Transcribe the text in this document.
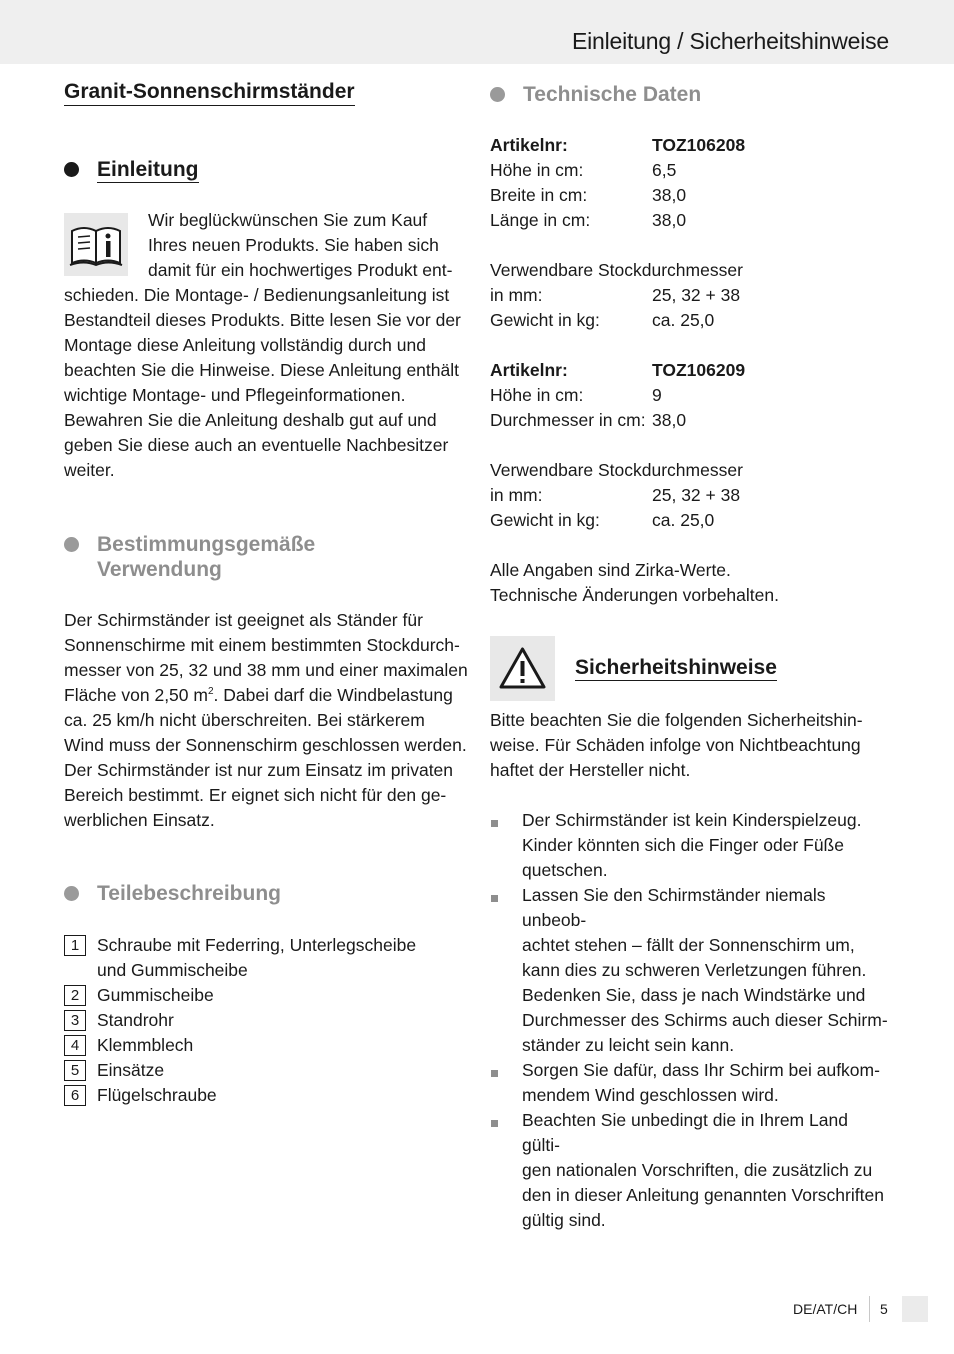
Einleitung / Sicherheitshinweise
Granit-Sonnenschirmständer
Einleitung
Wir beglückwünschen Sie zum Kauf
Ihres neuen Produkts. Sie haben sich
damit für ein hochwertiges Produkt ent-
schieden. Die Montage- / Bedienungsanleitung ist
Bestandteil dieses Produkts. Bitte lesen Sie vor der
Montage diese Anleitung vollständig durch und
beachten Sie die Hinweise. Diese Anleitung enthält
wichtige Montage- und Pflegeinformationen.
Bewahren Sie die Anleitung deshalb gut auf und
geben Sie diese auch an eventuelle Nachbesitzer
weiter.
Bestimmungsgemäße
Verwendung
Der Schirmständer ist geeignet als Ständer für
Sonnenschirme mit einem bestimmten Stockdurch-
messer von 25, 32 und 38 mm und einer maximalen
Fläche von 2,50 $m^2$. Dabei darf die Windbelastung
ca. 25 km/h nicht überschreiten. Bei stärkerem
Wind muss der Sonnenschirm geschlossen werden.
Der Schirmständer ist nur zum Einsatz im privaten
Bereich bestimmt. Er eignet sich nicht für den ge-
werblichen Einsatz.
Teilebeschreibung
1	Schraube mit Federring, Unterlegscheibe
und Gummischeibe
2	Gummischeibe
3	Standrohr
4	Klemmblech
5	Einsätze
6	Flügelschraube
Technische Daten
Artikelnr:	TOZ106208
Höhe in cm:	6,5
Breite in cm:	38,0
Länge in cm:	38,0
Verwendbare Stockdurchmesser
in mm:	25, 32 + 38
Gewicht in kg:	ca. 25,0
Artikelnr:	TOZ106209
Höhe in cm:	9
Durchmesser in cm: 38,0
Verwendbare Stockdurchmesser
in mm:	25, 32 + 38
Gewicht in kg:	ca. 25,0
Alle Angaben sind Zirka-Werte.
Technische Änderungen vorbehalten.
Sicherheitshinweise
Bitte beachten Sie die folgenden Sicherheitshin-
weise. Für Schäden infolge von Nichtbeachtung
haftet der Hersteller nicht.
Der Schirmständer ist kein Kinderspielzeug.
Kinder könnten sich die Finger oder Füße
quetschen.
Lassen Sie den Schirmständer niemals unbeob-
achtet stehen – fällt der Sonnenschirm um,
kann dies zu schweren Verletzungen führen.
Bedenken Sie, dass je nach Windstärke und
Durchmesser des Schirms auch dieser Schirm-
ständer zu leicht sein kann.
Sorgen Sie dafür, dass Ihr Schirm bei aufkom-
mendem Wind geschlossen wird.
Beachten Sie unbedingt die in Ihrem Land gülti-
gen nationalen Vorschriften, die zusätzlich zu
den in dieser Anleitung genannten Vorschriften
gültig sind.
DE/AT/CH 5
